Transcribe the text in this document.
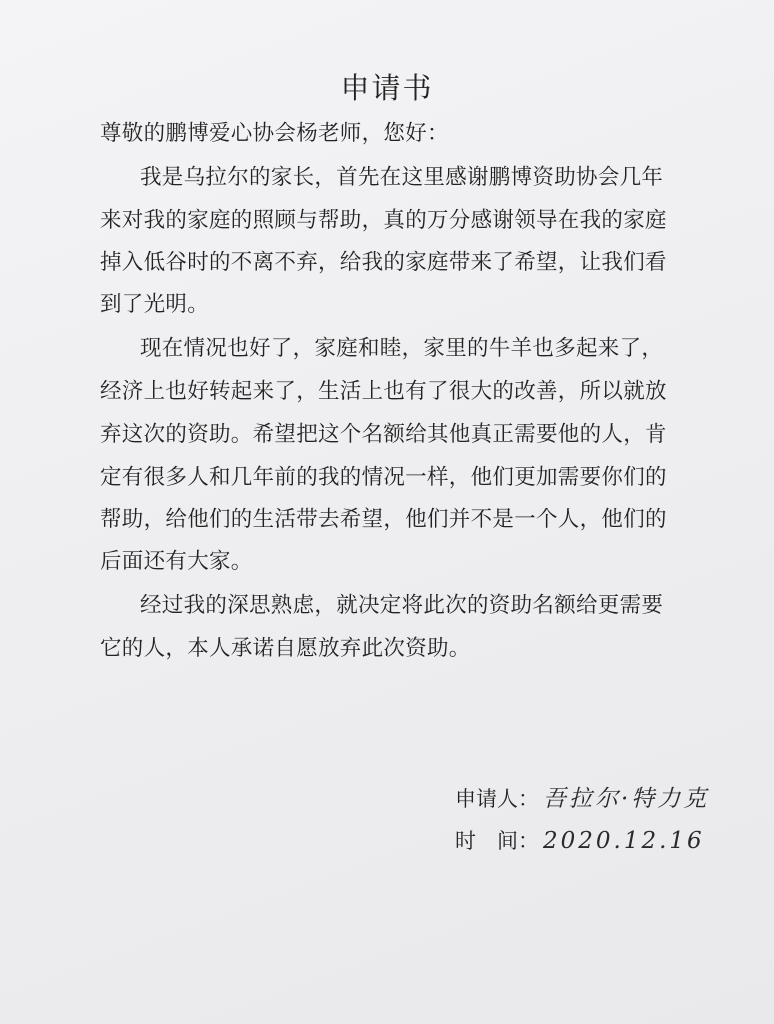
申请书
尊敬的鹏博爱心协会杨老师，您好：
我是乌拉尔的家长，首先在这里感谢鹏博资助协会几年
来对我的家庭的照顾与帮助，真的万分感谢领导在我的家庭
掉入低谷时的不离不弃，给我的家庭带来了希望，让我们看
到了光明。
现在情况也好了，家庭和睦，家里的牛羊也多起来了，
经济上也好转起来了，生活上也有了很大的改善，所以就放
弃这次的资助。希望把这个名额给其他真正需要他的人，肯
定有很多人和几年前的我的情况一样，他们更加需要你们的
帮助，给他们的生活带去希望，他们并不是一个人，他们的
后面还有大家。
经过我的深思熟虑，就决定将此次的资助名额给更需要
它的人，本人承诺自愿放弃此次资助。
申请人： 吾拉尔·特力克
时　间： 2020.12.16
